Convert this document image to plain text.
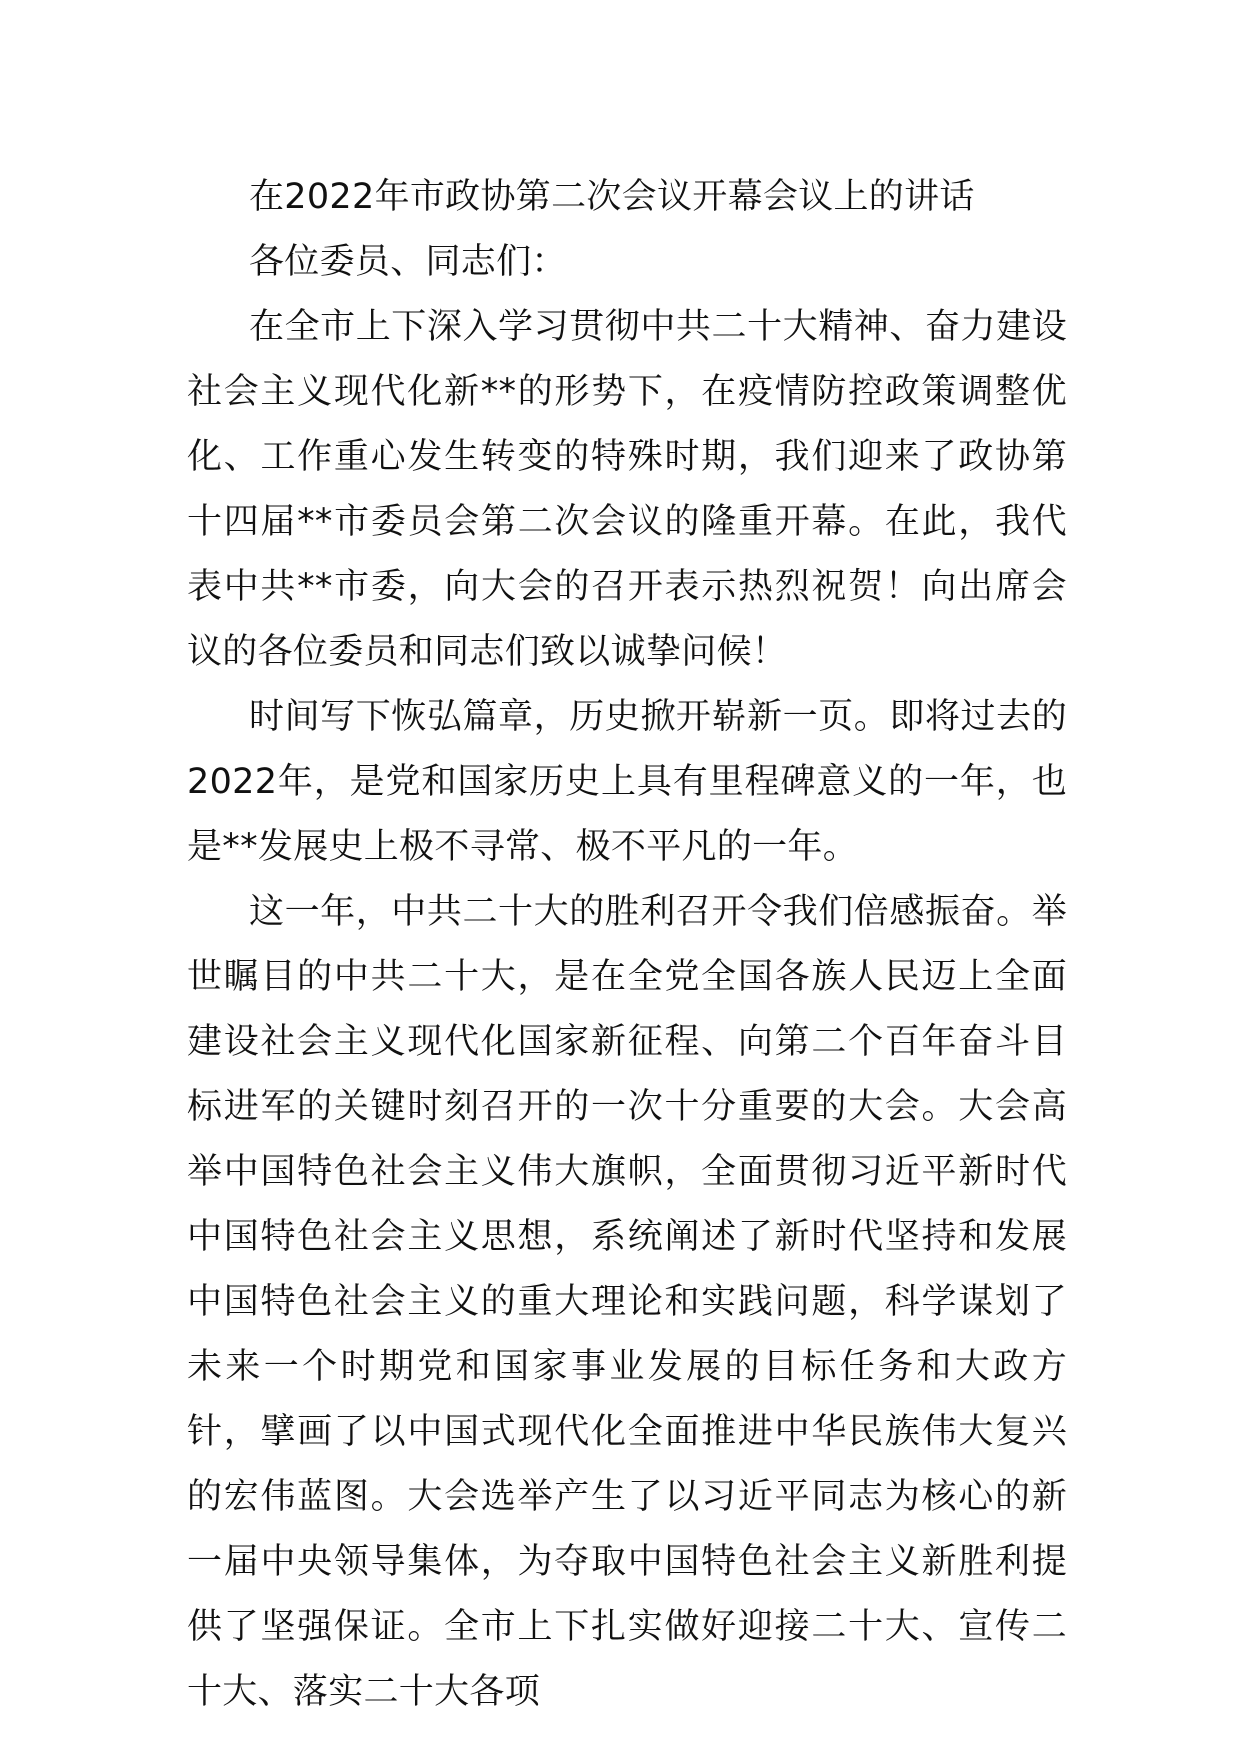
在2022年市政协第二次会议开幕会议上的讲话

各位委员、同志们：

在全市上下深入学习贯彻中共二十大精神、奋力建设社会主义现代化新**的形势下，在疫情防控政策调整优化、工作重心发生转变的特殊时期，我们迎来了政协第十四届**市委员会第二次会议的隆重开幕。在此，我代表中共**市委，向大会的召开表示热烈祝贺！向出席会议的各位委员和同志们致以诚挚问候！

时间写下恢弘篇章，历史掀开崭新一页。即将过去的2022年，是党和国家历史上具有里程碑意义的一年，也是**发展史上极不寻常、极不平凡的一年。

这一年，中共二十大的胜利召开令我们倍感振奋。举世瞩目的中共二十大，是在全党全国各族人民迈上全面建设社会主义现代化国家新征程、向第二个百年奋斗目标进军的关键时刻召开的一次十分重要的大会。大会高举中国特色社会主义伟大旗帜，全面贯彻习近平新时代中国特色社会主义思想，系统阐述了新时代坚持和发展中国特色社会主义的重大理论和实践问题，科学谋划了未来一个时期党和国家事业发展的目标任务和大政方针，擘画了以中国式现代化全面推进中华民族伟大复兴的宏伟蓝图。大会选举产生了以习近平同志为核心的新一届中央领导集体，为夺取中国特色社会主义新胜利提供了坚强保证。全市上下扎实做好迎接二十大、宣传二十大、落实二十大各项
